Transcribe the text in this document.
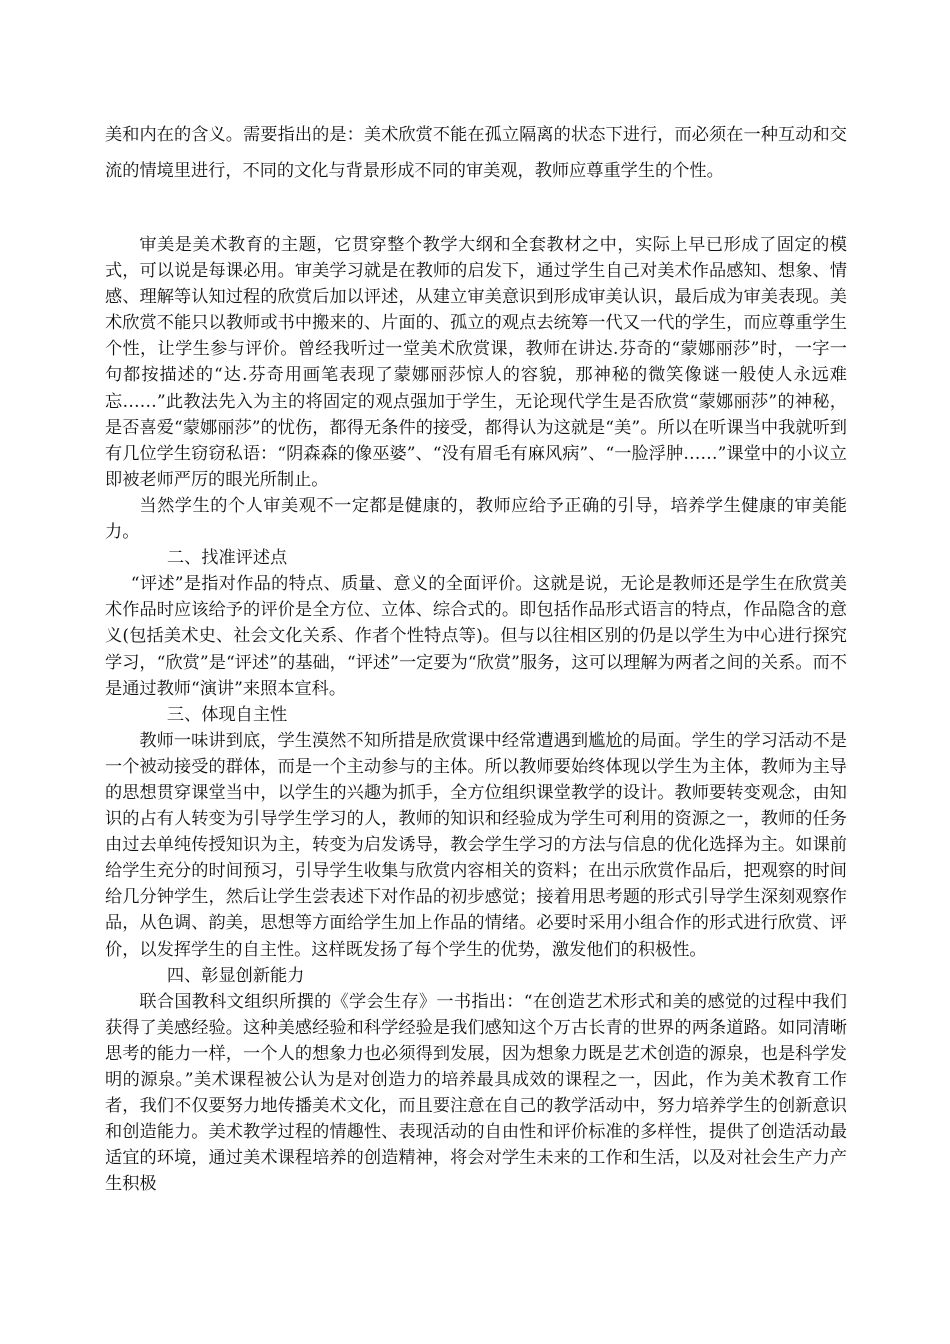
美和内在的含义。需要指出的是：美术欣赏不能在孤立隔离的状态下进行，而必须在一种互动和交流的情境里进行，不同的文化与背景形成不同的审美观，教师应尊重学生的个性。

审美是美术教育的主题，它贯穿整个教学大纲和全套教材之中，实际上早已形成了固定的模式，可以说是每课必用。审美学习就是在教师的启发下，通过学生自己对美术作品感知、想象、情感、理解等认知过程的欣赏后加以评述，从建立审美意识到形成审美认识，最后成为审美表现。美术欣赏不能只以教师或书中搬来的、片面的、孤立的观点去统筹一代又一代的学生，而应尊重学生个性，让学生参与评价。曾经我听过一堂美术欣赏课，教师在讲达.芬奇的“蒙娜丽莎”时，一字一句都按描述的“达.芬奇用画笔表现了蒙娜丽莎惊人的容貌，那神秘的微笑像谜一般使人永远难忘……”此教法先入为主的将固定的观点强加于学生，无论现代学生是否欣赏“蒙娜丽莎”的神秘，是否喜爱“蒙娜丽莎”的忧伤，都得无条件的接受，都得认为这就是“美”。所以在听课当中我就听到有几位学生窃窃私语：“阴森森的像巫婆”、“没有眉毛有麻风病”、“一脸浮肿……”课堂中的小议立即被老师严厉的眼光所制止。

当然学生的个人审美观不一定都是健康的，教师应给予正确的引导，培养学生健康的审美能力。

二、找准评述点

“评述”是指对作品的特点、质量、意义的全面评价。这就是说，无论是教师还是学生在欣赏美术作品时应该给予的评价是全方位、立体、综合式的。即包括作品形式语言的特点，作品隐含的意义(包括美术史、社会文化关系、作者个性特点等)。但与以往相区别的仍是以学生为中心进行探究学习，“欣赏”是“评述”的基础，“评述”一定要为“欣赏”服务，这可以理解为两者之间的关系。而不是通过教师“演讲”来照本宣科。

三、体现自主性

教师一味讲到底，学生漠然不知所措是欣赏课中经常遭遇到尴尬的局面。学生的学习活动不是一个被动接受的群体，而是一个主动参与的主体。所以教师要始终体现以学生为主体，教师为主导的思想贯穿课堂当中，以学生的兴趣为抓手，全方位组织课堂教学的设计。教师要转变观念，由知识的占有人转变为引导学生学习的人，教师的知识和经验成为学生可利用的资源之一，教师的任务由过去单纯传授知识为主，转变为启发诱导，教会学生学习的方法与信息的优化选择为主。如课前给学生充分的时间预习，引导学生收集与欣赏内容相关的资料；在出示欣赏作品后，把观察的时间给几分钟学生，然后让学生尝表述下对作品的初步感觉；接着用思考题的形式引导学生深刻观察作品，从色调、韵美，思想等方面给学生加上作品的情绪。必要时采用小组合作的形式进行欣赏、评价，以发挥学生的自主性。这样既发扬了每个学生的优势，激发他们的积极性。

四、彰显创新能力

联合国教科文组织所撰的《学会生存》一书指出：“在创造艺术形式和美的感觉的过程中我们获得了美感经验。这种美感经验和科学经验是我们感知这个万古长青的世界的两条道路。如同清晰思考的能力一样，一个人的想象力也必须得到发展，因为想象力既是艺术创造的源泉，也是科学发明的源泉。”美术课程被公认为是对创造力的培养最具成效的课程之一，因此，作为美术教育工作者，我们不仅要努力地传播美术文化，而且要注意在自己的教学活动中，努力培养学生的创新意识和创造能力。美术教学过程的情趣性、表现活动的自由性和评价标准的多样性，提供了创造活动最适宜的环境，通过美术课程培养的创造精神，将会对学生未来的工作和生活，以及对社会生产力产生积极
